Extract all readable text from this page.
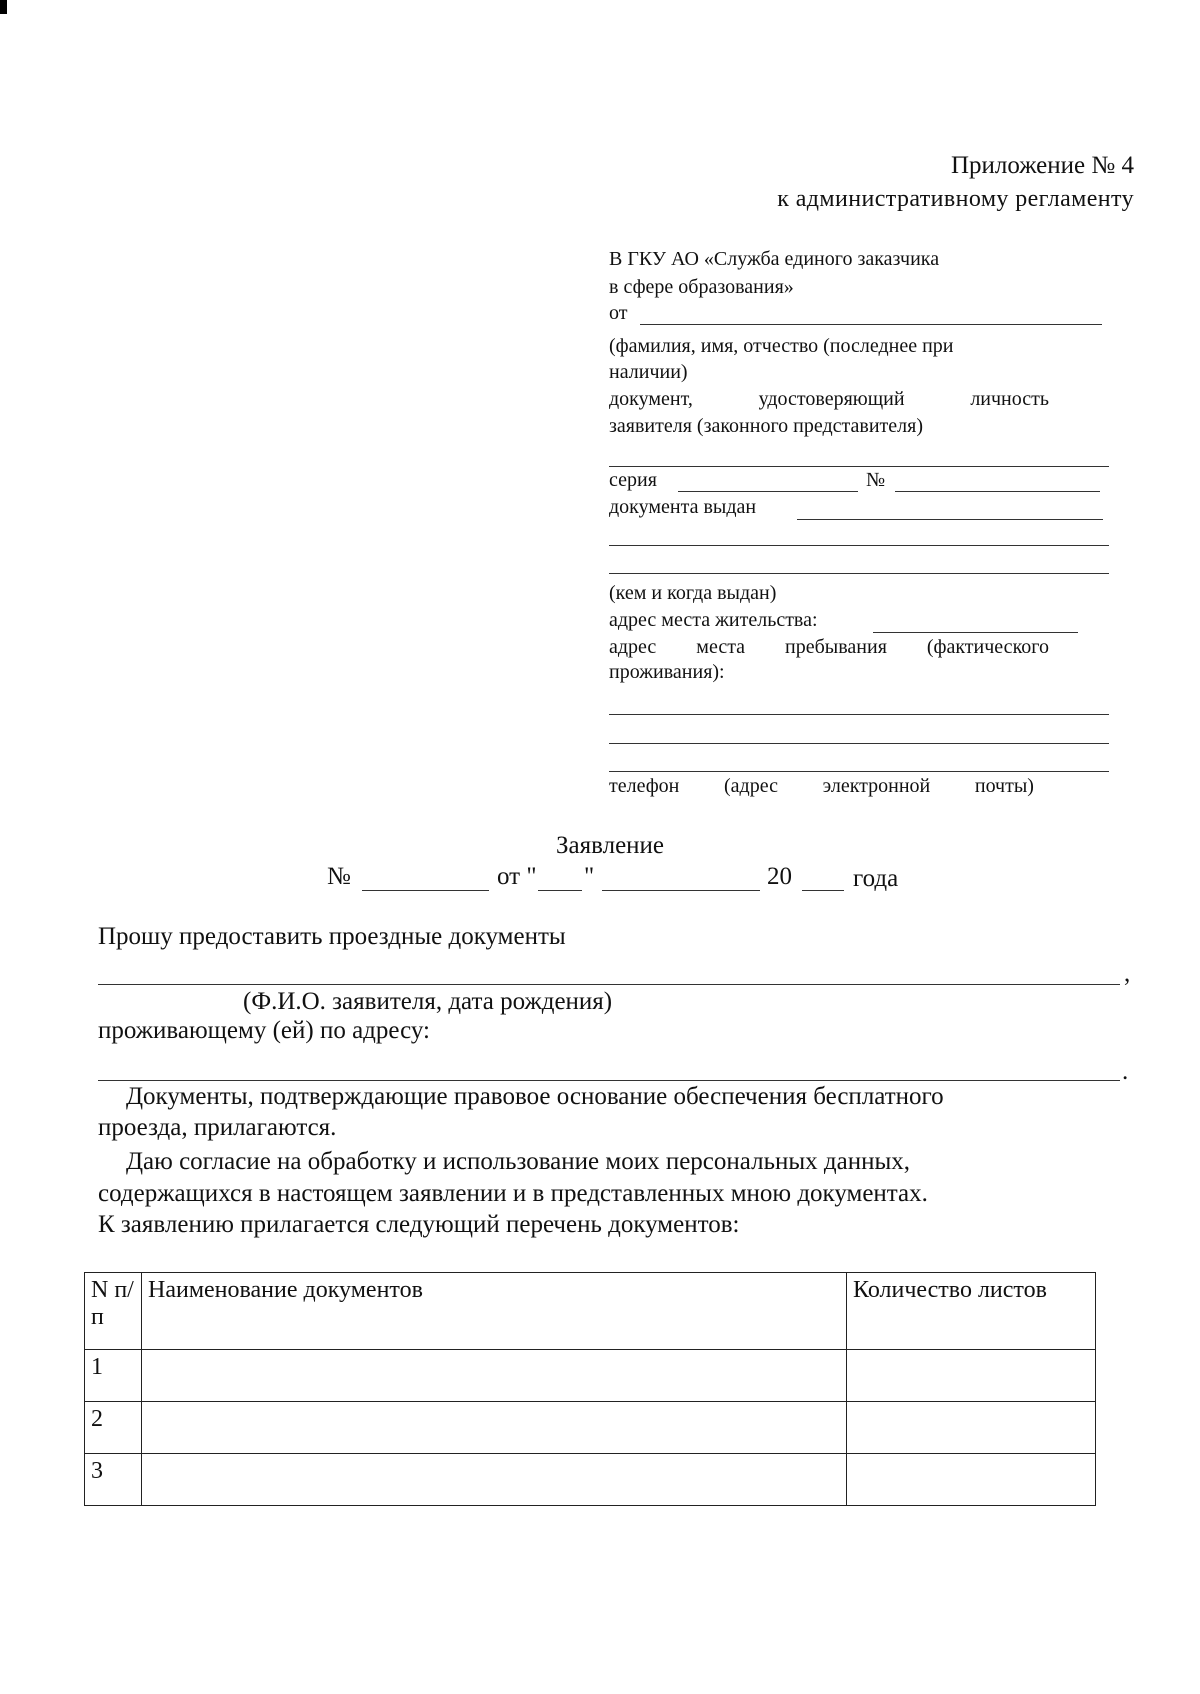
Приложение № 4
к административному регламенту
В ГКУ АО «Служба единого заказчика
в сфере образования»
от
(фамилия, имя, отчество (последнее при
наличии)
документ,	удостоверяющий	личность
заявителя (законного представителя)
серия	№
документа выдан
(кем и когда выдан)
адрес места жительства:
адрес места пребывания (фактического
проживания):
телефон (адрес электронной почты)
Заявление
№	от " "	20 года
Прошу предоставить проездные документы
,
(Ф.И.О. заявителя, дата рождения)
проживающему (ей) по адресу:
.
Документы, подтверждающие правовое основание обеспечения бесплатного
проезда, прилагаются.
Даю согласие на обработку и использование моих персональных данных,
содержащихся в настоящем заявлении и в представленных мною документах.
К заявлению прилагается следующий перечень документов:
N п/п	Наименование документов	Количество листов
1		
2		
3		
